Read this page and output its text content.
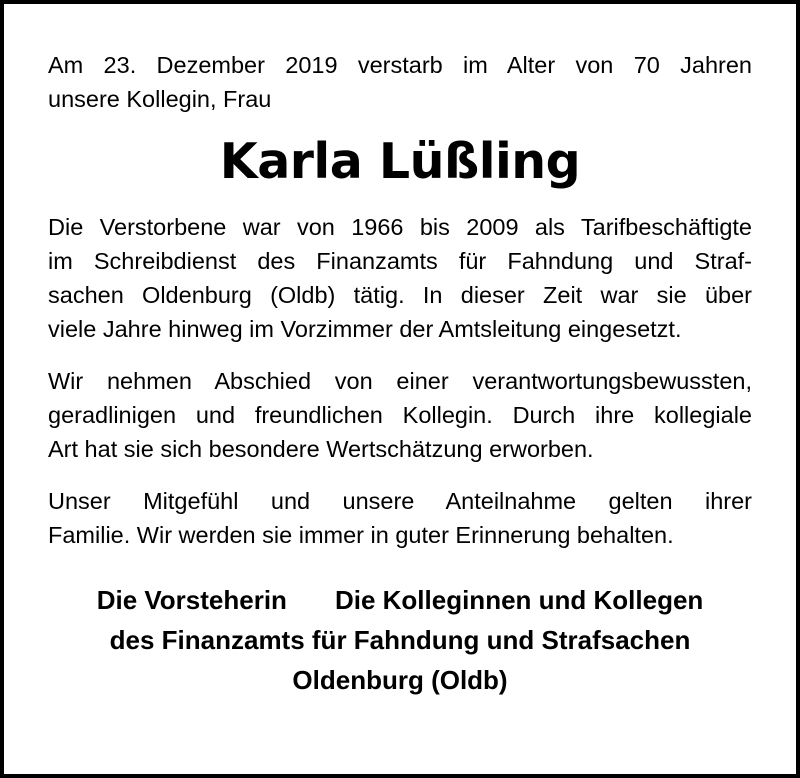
Am 23. Dezember 2019 verstarb im Alter von 70 Jahren
unsere Kollegin, Frau

Karla Lüßling

Die Verstorbene war von 1966 bis 2009 als Tarifbeschäftigte
im Schreibdienst des Finanzamts für Fahndung und Straf-
sachen Oldenburg (Oldb) tätig. In dieser Zeit war sie über
viele Jahre hinweg im Vorzimmer der Amtsleitung eingesetzt.

Wir nehmen Abschied von einer verantwortungsbewussten,
geradlinigen und freundlichen Kollegin. Durch ihre kollegiale
Art hat sie sich besondere Wertschätzung erworben.

Unser Mitgefühl und unsere Anteilnahme gelten ihrer
Familie. Wir werden sie immer in guter Erinnerung behalten.

Die Vorsteherin Die Kolleginnen und Kollegen
des Finanzamts für Fahndung und Strafsachen
Oldenburg (Oldb)
